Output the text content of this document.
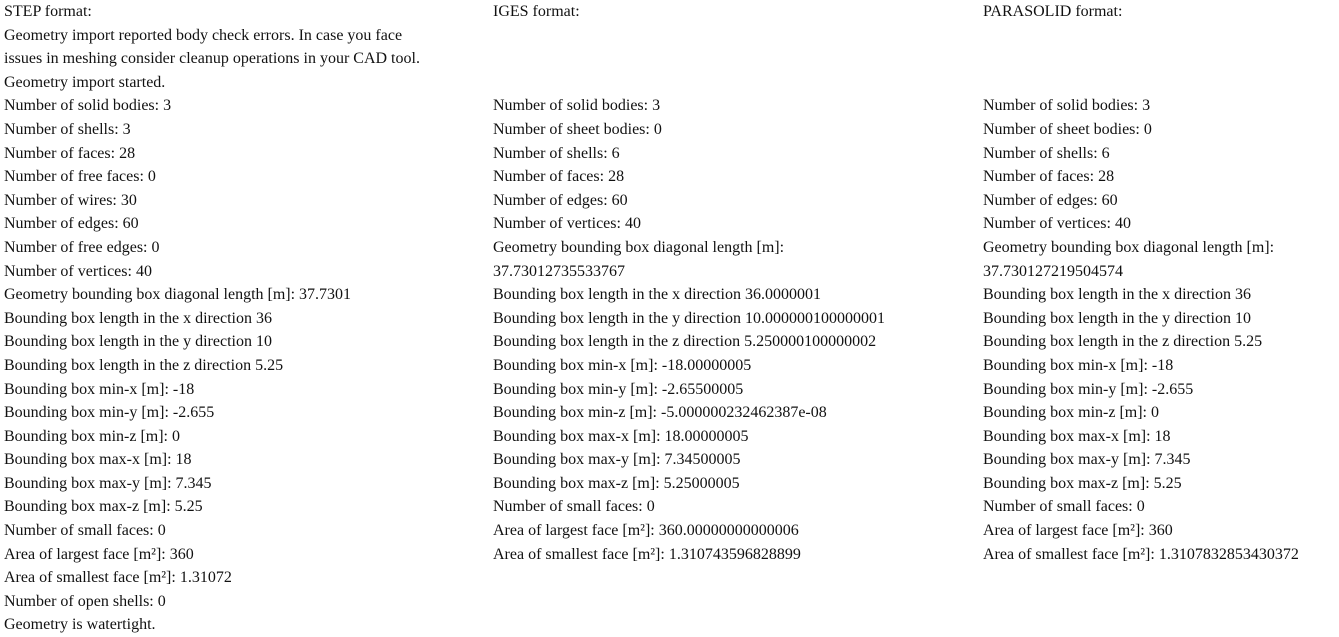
STEP format:
Geometry import reported body check errors. In case you face
issues in meshing consider cleanup operations in your CAD tool.
Geometry import started.
Number of solid bodies: 3
Number of shells: 3
Number of faces: 28
Number of free faces: 0
Number of wires: 30
Number of edges: 60
Number of free edges: 0
Number of vertices: 40
Geometry bounding box diagonal length [m]: 37.7301
Bounding box length in the x direction 36
Bounding box length in the y direction 10
Bounding box length in the z direction 5.25
Bounding box min-x [m]: -18
Bounding box min-y [m]: -2.655
Bounding box min-z [m]: 0
Bounding box max-x [m]: 18
Bounding box max-y [m]: 7.345
Bounding box max-z [m]: 5.25
Number of small faces: 0
Area of largest face [m²]: 360
Area of smallest face [m²]: 1.31072
Number of open shells: 0
Geometry is watertight.
IGES format:
Number of solid bodies: 3
Number of sheet bodies: 0
Number of shells: 6
Number of faces: 28
Number of edges: 60
Number of vertices: 40
Geometry bounding box diagonal length [m]:
37.73012735533767
Bounding box length in the x direction 36.0000001
Bounding box length in the y direction 10.000000100000001
Bounding box length in the z direction 5.250000100000002
Bounding box min-x [m]: -18.00000005
Bounding box min-y [m]: -2.65500005
Bounding box min-z [m]: -5.000000232462387e-08
Bounding box max-x [m]: 18.00000005
Bounding box max-y [m]: 7.34500005
Bounding box max-z [m]: 5.25000005
Number of small faces: 0
Area of largest face [m²]: 360.00000000000006
Area of smallest face [m²]: 1.310743596828899
PARASOLID format:
Number of solid bodies: 3
Number of sheet bodies: 0
Number of shells: 6
Number of faces: 28
Number of edges: 60
Number of vertices: 40
Geometry bounding box diagonal length [m]:
37.730127219504574
Bounding box length in the x direction 36
Bounding box length in the y direction 10
Bounding box length in the z direction 5.25
Bounding box min-x [m]: -18
Bounding box min-y [m]: -2.655
Bounding box min-z [m]: 0
Bounding box max-x [m]: 18
Bounding box max-y [m]: 7.345
Bounding box max-z [m]: 5.25
Number of small faces: 0
Area of largest face [m²]: 360
Area of smallest face [m²]: 1.3107832853430372
